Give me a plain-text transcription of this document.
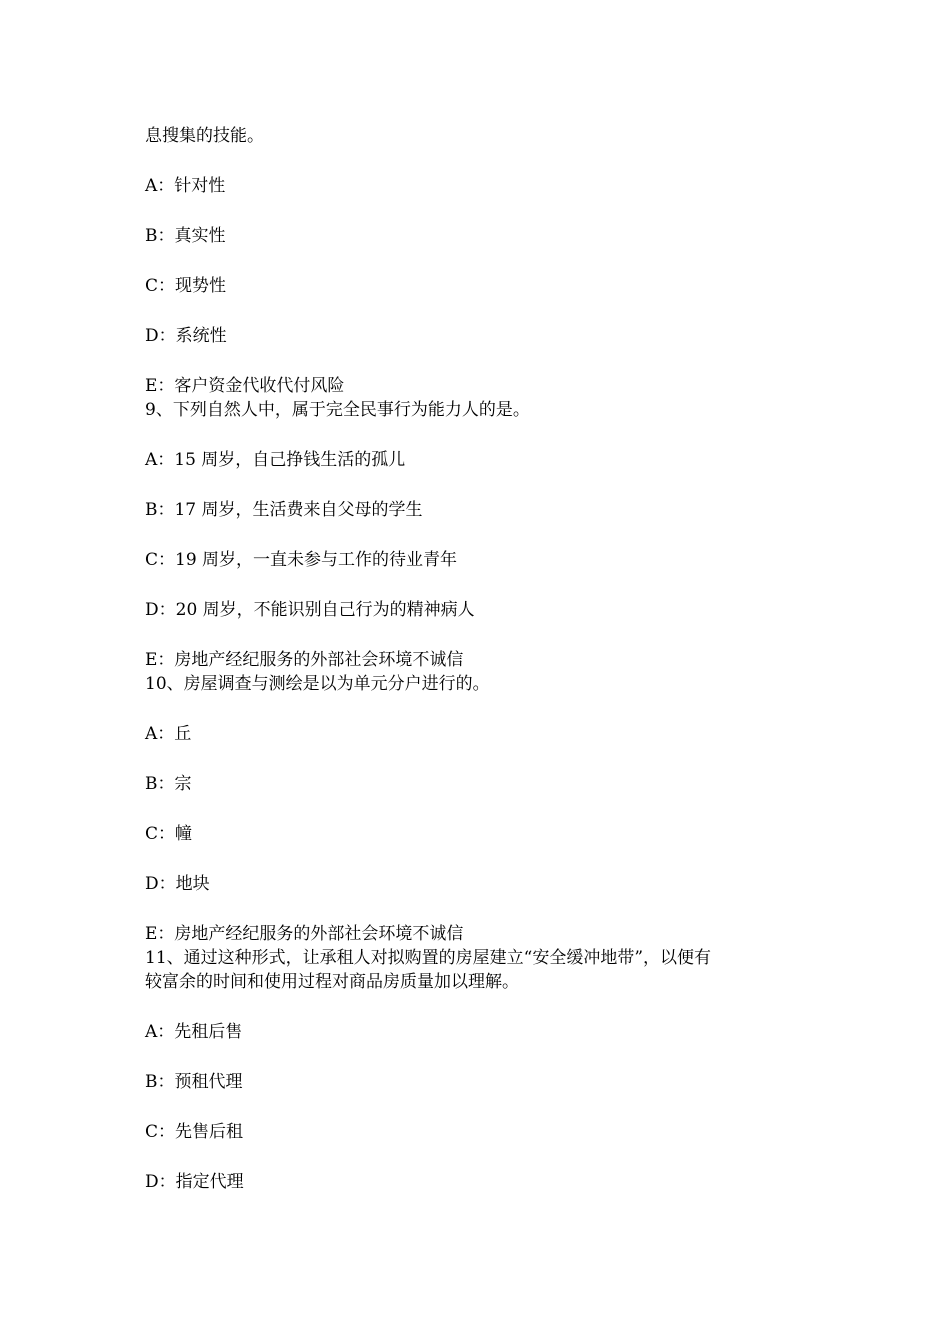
息搜集的技能。

A：针对性

B：真实性

C：现势性

D：系统性

E：客户资金代收代付风险

9、下列自然人中，属于完全民事行为能力人的是。

A：15 周岁，自己挣钱生活的孤儿

B：17 周岁，生活费来自父母的学生

C：19 周岁，一直未参与工作的待业青年

D：20 周岁，不能识别自己行为的精神病人

E：房地产经纪服务的外部社会环境不诚信

10、房屋调查与测绘是以为单元分户进行的。

A：丘

B：宗

C：幢

D：地块

E：房地产经纪服务的外部社会环境不诚信

11、通过这种形式，让承租人对拟购置的房屋建立“安全缓冲地带”，以便有

较富余的时间和使用过程对商品房质量加以理解。

A：先租后售

B：预租代理

C：先售后租

D：指定代理
